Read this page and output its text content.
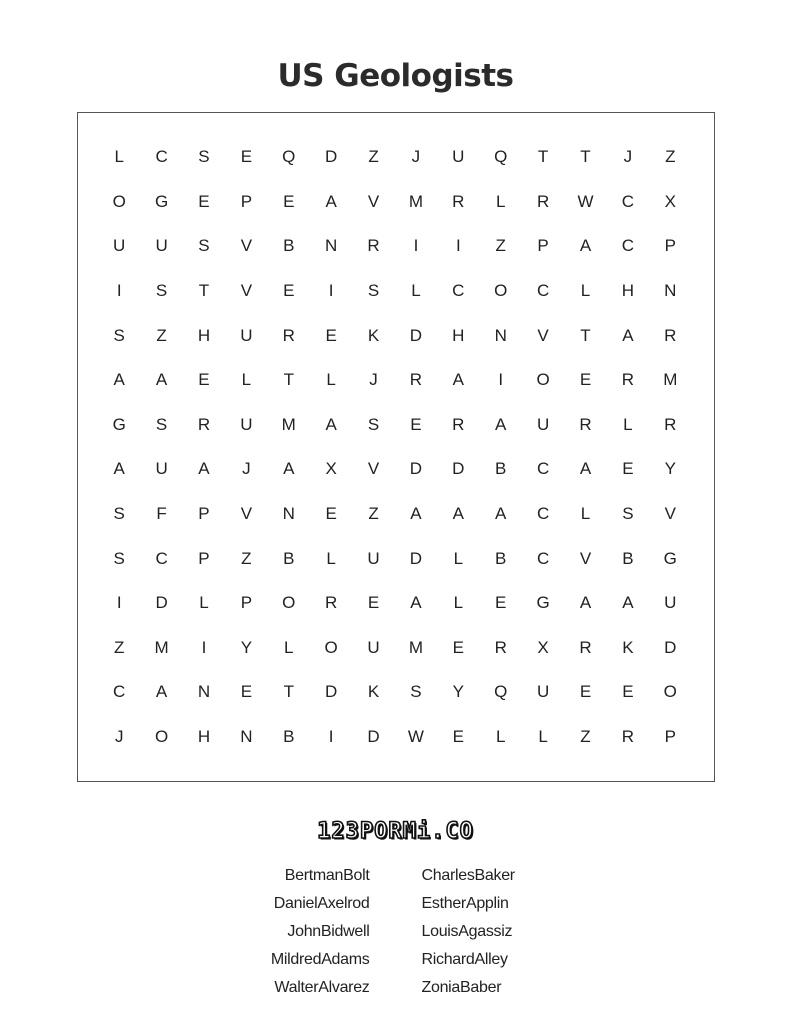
US Geologists
L	C	S	E	Q	D	Z	J	U	Q	T	T	J	Z
O	G	E	P	E	A	V	M	R	L	R	W	C	X
U	U	S	V	B	N	R	I	I	Z	P	A	C	P
I	S	T	V	E	I	S	L	C	O	C	L	H	N
S	Z	H	U	R	E	K	D	H	N	V	T	A	R
A	A	E	L	T	L	J	R	A	I	O	E	R	M
G	S	R	U	M	A	S	E	R	A	U	R	L	R
A	U	A	J	A	X	V	D	D	B	C	A	E	Y
S	F	P	V	N	E	Z	A	A	A	C	L	S	V
S	C	P	Z	B	L	U	D	L	B	C	V	B	G
I	D	L	P	O	R	E	A	L	E	G	A	A	U
Z	M	I	Y	L	O	U	M	E	R	X	R	K	D
C	A	N	E	T	D	K	S	Y	Q	U	E	E	O
J	O	H	N	B	I	D	W	E	L	L	Z	R	P
123PORMi.CO
BertmanBolt
DanielAxelrod
JohnBidwell
MildredAdams
WalterAlvarez
CharlesBaker
EstherApplin
LouisAgassiz
RichardAlley
ZoniaBaber
